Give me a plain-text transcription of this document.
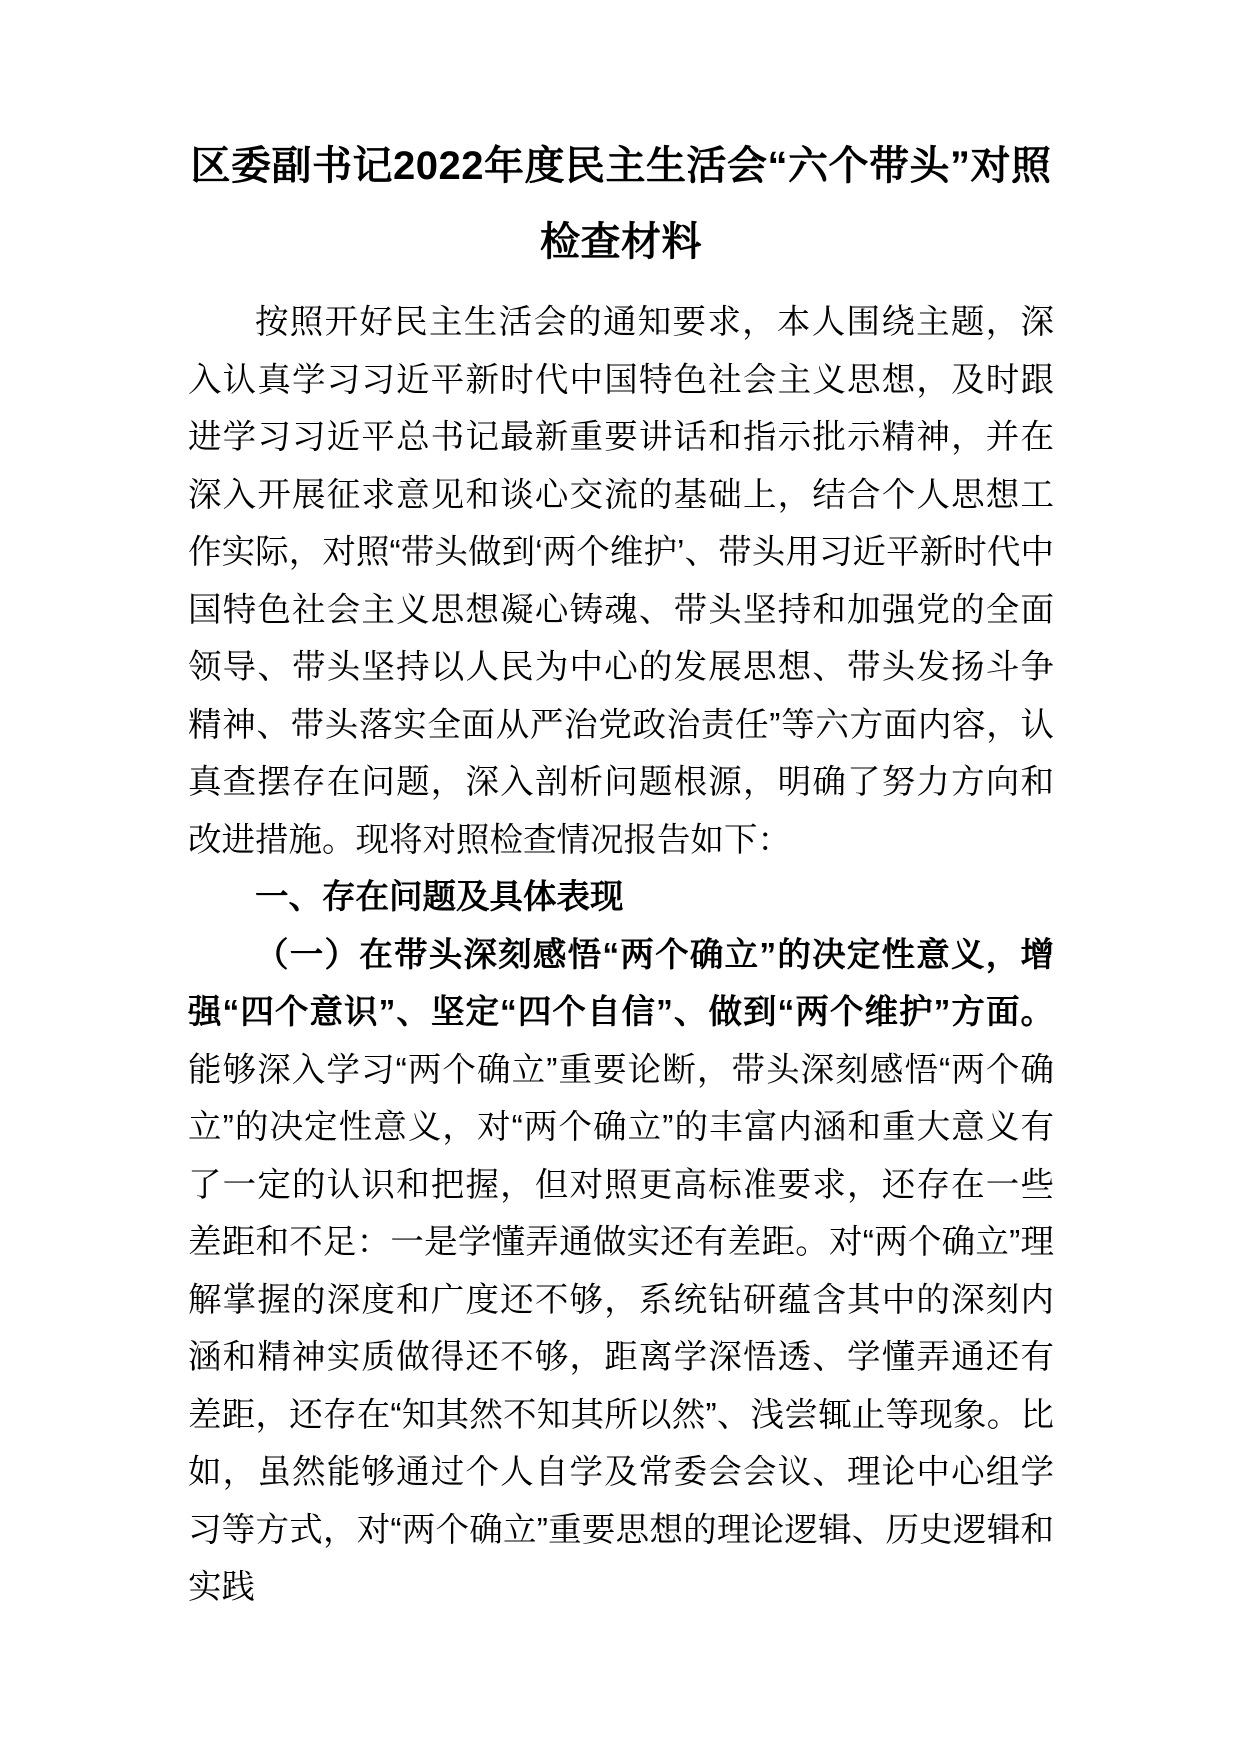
区委副书记2022年度民主生活会“六个带头”对照检查材料

按照开好民主生活会的通知要求，本人围绕主题，深入认真学习习近平新时代中国特色社会主义思想，及时跟进学习习近平总书记最新重要讲话和指示批示精神，并在深入开展征求意见和谈心交流的基础上，结合个人思想工作实际，对照“带头做到‘两个维护’、带头用习近平新时代中国特色社会主义思想凝心铸魂、带头坚持和加强党的全面领导、带头坚持以人民为中心的发展思想、带头发扬斗争精神、带头落实全面从严治党政治责任”等六方面内容，认真查摆存在问题，深入剖析问题根源，明确了努力方向和改进措施。现将对照检查情况报告如下：

一、存在问题及具体表现

（一）在带头深刻感悟“两个确立”的决定性意义，增强“四个意识”、坚定“四个自信”、做到“两个维护”方面。能够深入学习“两个确立”重要论断，带头深刻感悟“两个确立”的决定性意义，对“两个确立”的丰富内涵和重大意义有了一定的认识和把握，但对照更高标准要求，还存在一些差距和不足：一是学懂弄通做实还有差距。对“两个确立”理解掌握的深度和广度还不够，系统钻研蕴含其中的深刻内涵和精神实质做得还不够，距离学深悟透、学懂弄通还有差距，还存在“知其然不知其所以然”、浅尝辄止等现象。比如，虽然能够通过个人自学及常委会会议、理论中心组学习等方式，对“两个确立”重要思想的理论逻辑、历史逻辑和实践
